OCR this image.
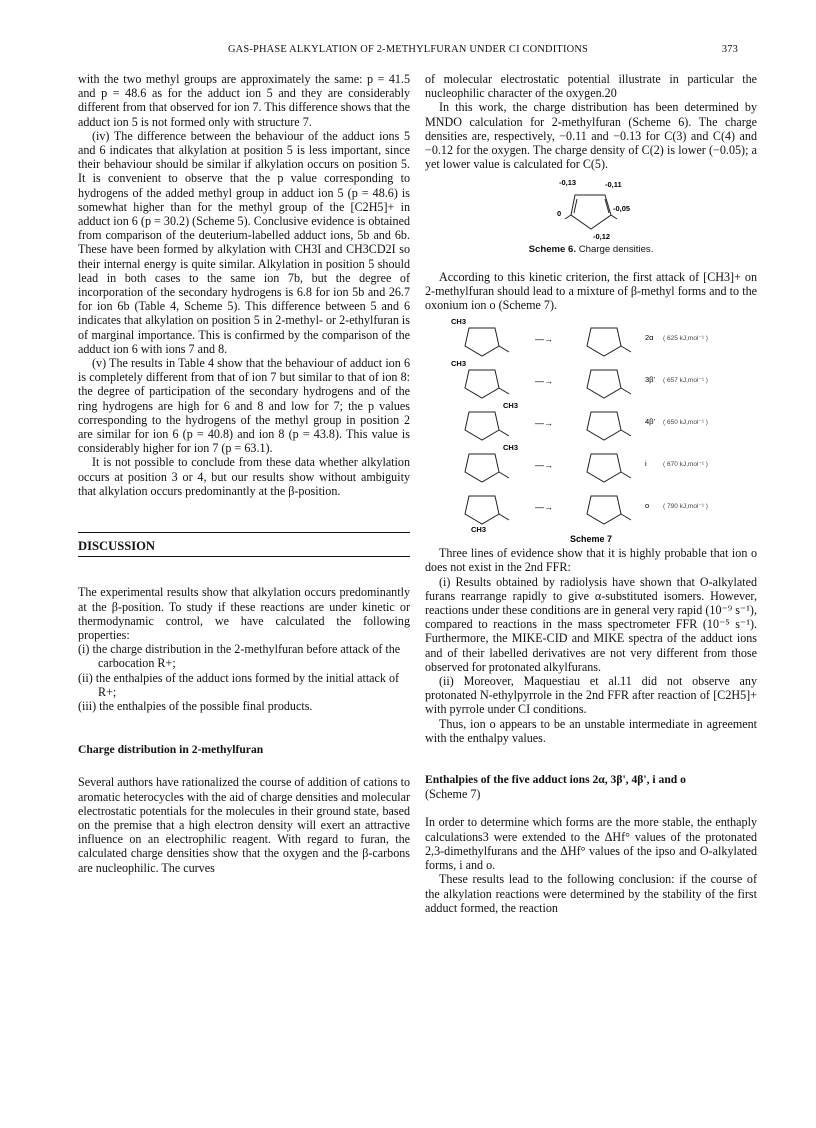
GAS-PHASE ALKYLATION OF 2-METHYLFURAN UNDER CI CONDITIONS	373

with the two methyl groups are approximately the same: p = 41.5 and p = 48.6 as for the adduct ion 5 and they are considerably different from that observed for ion 7. This difference shows that the adduct ion 5 is not formed only with structure 7.

(iv) The difference between the behaviour of the adduct ions 5 and 6 indicates that alkylation at position 5 is less important, since their behaviour should be similar if alkylation occurs on position 5. It is convenient to observe that the p value corresponding to hydrogens of the added methyl group in adduct ion 5 (p = 48.6) is somewhat higher than for the methyl group of the [C2H5]+ in adduct ion 6 (p = 30.2) (Scheme 5). Conclusive evidence is obtained from comparison of the deuterium-labelled adduct ions, 5b and 6b. These have been formed by alkylation with CH3I and CH3CD2I so their internal energy is quite similar. Alkylation in position 5 should lead in both cases to the same ion 7b, but the degree of incorporation of the secondary hydrogens is 6.8 for ion 5b and 26.7 for ion 6b (Table 4, Scheme 5). This difference between 5 and 6 indicates that alkylation on position 5 in 2-methyl- or 2-ethylfuran is of marginal importance. This is confirmed by the comparison of the adduct ion 6 with ions 7 and 8.

(v) The results in Table 4 show that the behaviour of adduct ion 6 is completely different from that of ion 7 but similar to that of ion 8: the degree of participation of the secondary hydrogens and of the ring hydrogens are high for 6 and 8 and low for 7; the p values corresponding to the hydrogens of the methyl group in position 2 are similar for ion 6 (p = 40.8) and ion 8 (p = 43.8). This value is considerably higher for ion 7 (p = 63.1).

It is not possible to conclude from these data whether alkylation occurs at position 3 or 4, but our results show without ambiguity that alkylation occurs predominantly at the β-position.

DISCUSSION

The experimental results show that alkylation occurs predominantly at the β-position. To study if these reactions are under kinetic or thermodynamic control, we have calculated the following properties:

(i) the charge distribution in the 2-methylfuran before attack of the carbocation R+;

(ii) the enthalpies of the adduct ions formed by the initial attack of R+;

(iii) the enthalpies of the possible final products.

Charge distribution in 2-methylfuran

Several authors have rationalized the course of addition of cations to aromatic heterocycles with the aid of charge densities and molecular electrostatic potentials for the molecules in their ground state, based on the premise that a high electron density will exert an attractive influence on an electrophilic reagent. With regard to furan, the calculated charge densities show that the oxygen and the β-carbons are nucleophilic. The curves

of molecular electrostatic potential illustrate in particular the nucleophilic character of the oxygen.20

In this work, the charge distribution has been determined by MNDO calculation for 2-methylfuran (Scheme 6). The charge densities are, respectively, −0.11 and −0.13 for C(3) and C(4) and −0.12 for the oxygen. The charge density of C(2) is lower (−0.05); a yet lower value is calculated for C(5).

-0,13	-0,11
0
-0,05
-0,12
Scheme 6. Charge densities.

According to this kinetic criterion, the first attack of [CH3]+ on 2-methylfuran should lead to a mixture of β-methyl forms and to the oxonium ion o (Scheme 7).

Scheme 7
CH3
—→	2α ( 625 kJ,mol⁻¹ )
CH3
—→	3β' ( 657 kJ,mol⁻¹ )
CH3
—→	4β' ( 650 kJ,mol⁻¹ )
CH3
—→	i	( 670 kJ,mol⁻¹ )
CH3
—→	o ( 790 kJ,mol⁻¹ )

Three lines of evidence show that it is highly probable that ion o does not exist in the 2nd FFR:

(i) Results obtained by radiolysis have shown that O-alkylated furans rearrange rapidly to give α-substituted isomers. However, reactions under these conditions are in general very rapid (10⁻⁹ s⁻¹), compared to reactions in the mass spectrometer FFR (10⁻⁵ s⁻¹). Furthermore, the MIKE-CID and MIKE spectra of the adduct ions and of their labelled derivatives are not very different from those observed for protonated alkylfurans.

(ii) Moreover, Maquestiau et al.11 did not observe any protonated N-ethylpyrrole in the 2nd FFR after reaction of [C2H5]+ with pyrrole under CI conditions.

Thus, ion o appears to be an unstable intermediate in agreement with the enthalpy values.

Enthalpies of the five adduct ions 2α, 3β', 4β', i and o

(Scheme 7)

In order to determine which forms are the more stable, the enthaply calculations3 were extended to the ΔHf° values of the protonated 2,3-dimethylfurans and the ΔHf° values of the ipso and O-alkylated forms, i and o.

These results lead to the following conclusion: if the course of the alkylation reactions were determined by the stability of the first adduct formed, the reaction
